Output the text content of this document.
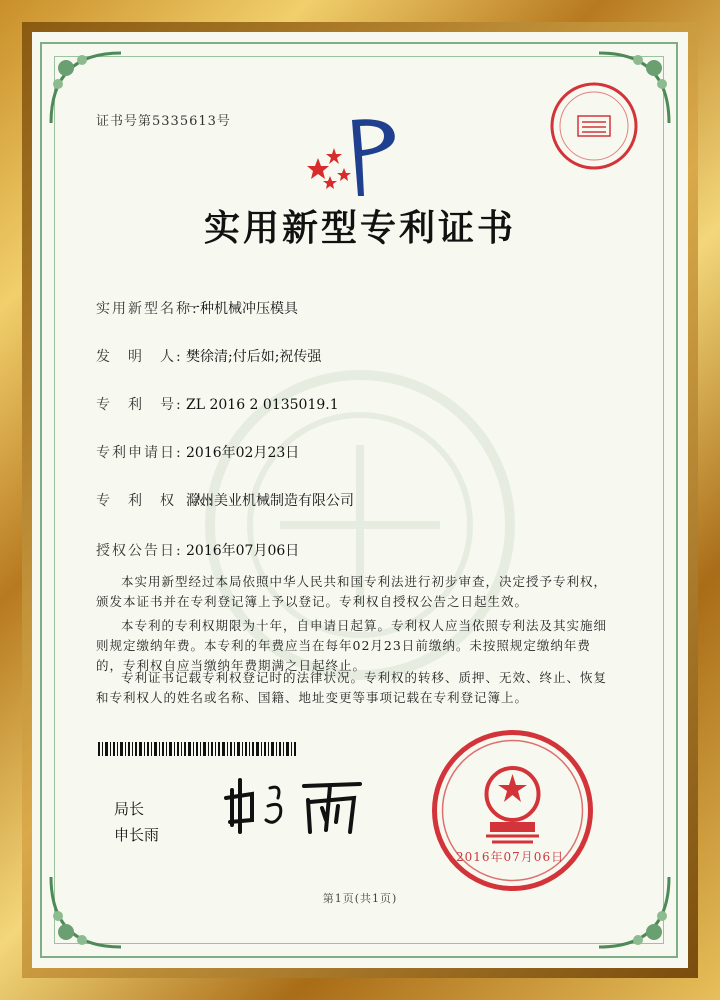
证书号第5335613号
实用新型专利证书
实用新型名称:一种机械冲压模具
发　明　人: 樊徐清;付后如;祝传强
专　利　号: ZL 2016 2 0135019.1
专利申请日: 2016年02月23日
专　利　权　人:滁州美业机械制造有限公司
授权公告日: 2016年07月06日
本实用新型经过本局依照中华人民共和国专利法进行初步审查，决定授予专利权，颁发本证书并在专利登记簿上予以登记。专利权自授权公告之日起生效。
本专利的专利权期限为十年，自申请日起算。专利权人应当依照专利法及其实施细则规定缴纳年费。本专利的年费应当在每年02月23日前缴纳。未按照规定缴纳年费的，专利权自应当缴纳年费期满之日起终止。
专利证书记载专利权登记时的法律状况。专利权的转移、质押、无效、终止、恢复和专利权人的姓名或名称、国籍、地址变更等事项记载在专利登记簿上。
局长
申长雨
2016年07月06日
第1页(共1页)
